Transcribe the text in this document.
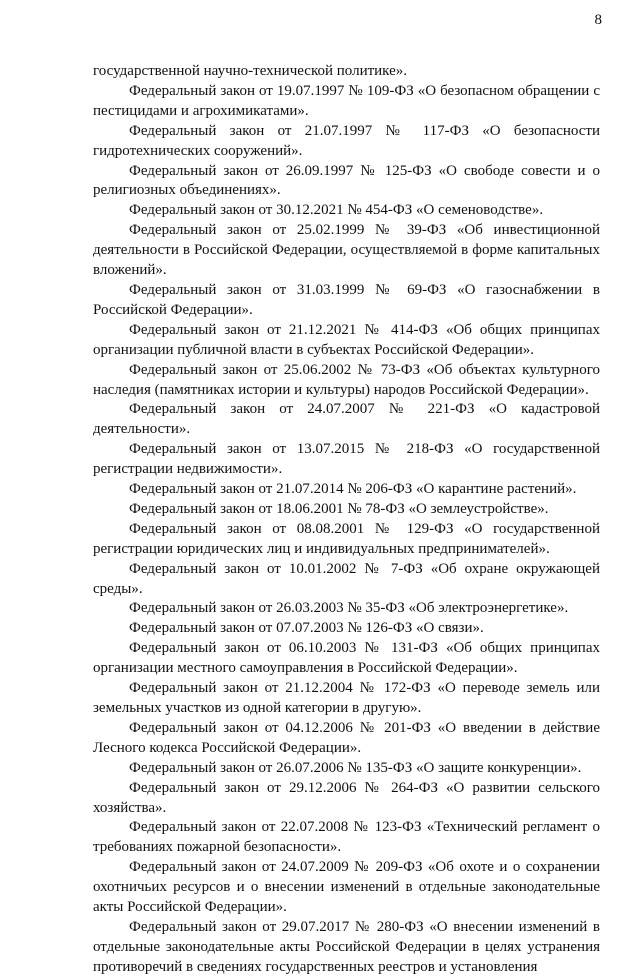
8

государственной научно-технической политике».

Федеральный закон от 19.07.1997 № 109-ФЗ «О безопасном обращении с пестицидами и агрохимикатами».

Федеральный закон от 21.07.1997 № 117-ФЗ «О безопасности гидротехнических сооружений».

Федеральный закон от 26.09.1997 № 125-ФЗ «О свободе совести и о религиозных объединениях».

Федеральный закон от 30.12.2021 № 454-ФЗ «О семеноводстве».

Федеральный закон от 25.02.1999 № 39-ФЗ «Об инвестиционной деятельности в Российской Федерации, осуществляемой в форме капитальных вложений».

Федеральный закон от 31.03.1999 № 69-ФЗ «О газоснабжении в Российской Федерации».

Федеральный закон от 21.12.2021 № 414-ФЗ «Об общих принципах организации публичной власти в субъектах Российской Федерации».

Федеральный закон от 25.06.2002 № 73-ФЗ «Об объектах культурного наследия (памятниках истории и культуры) народов Российской Федерации».

Федеральный закон от 24.07.2007 № 221-ФЗ «О кадастровой деятельности».

Федеральный закон от 13.07.2015 № 218-ФЗ «О государственной регистрации недвижимости».

Федеральный закон от 21.07.2014 № 206-ФЗ «О карантине растений».

Федеральный закон от 18.06.2001 № 78-ФЗ «О землеустройстве».

Федеральный закон от 08.08.2001 № 129-ФЗ «О государственной регистрации юридических лиц и индивидуальных предпринимателей».

Федеральный закон от 10.01.2002 № 7-ФЗ «Об охране окружающей среды».

Федеральный закон от 26.03.2003 № 35-ФЗ «Об электроэнергетике».

Федеральный закон от 07.07.2003 № 126-ФЗ «О связи».

Федеральный закон от 06.10.2003 № 131-ФЗ «Об общих принципах организации местного самоуправления в Российской Федерации».

Федеральный закон от 21.12.2004 № 172-ФЗ «О переводе земель или земельных участков из одной категории в другую».

Федеральный закон от 04.12.2006 № 201-ФЗ «О введении в действие Лесного кодекса Российской Федерации».

Федеральный закон от 26.07.2006 № 135-ФЗ «О защите конкуренции».

Федеральный закон от 29.12.2006 № 264-ФЗ «О развитии сельского хозяйства».

Федеральный закон от 22.07.2008 № 123-ФЗ «Технический регламент о требованиях пожарной безопасности».

Федеральный закон от 24.07.2009 № 209-ФЗ «Об охоте и о сохранении охотничьих ресурсов и о внесении изменений в отдельные законодательные акты Российской Федерации».

Федеральный закон от 29.07.2017 № 280-ФЗ «О внесении изменений в отдельные законодательные акты Российской Федерации в целях устранения противоречий в сведениях государственных реестров и установления
